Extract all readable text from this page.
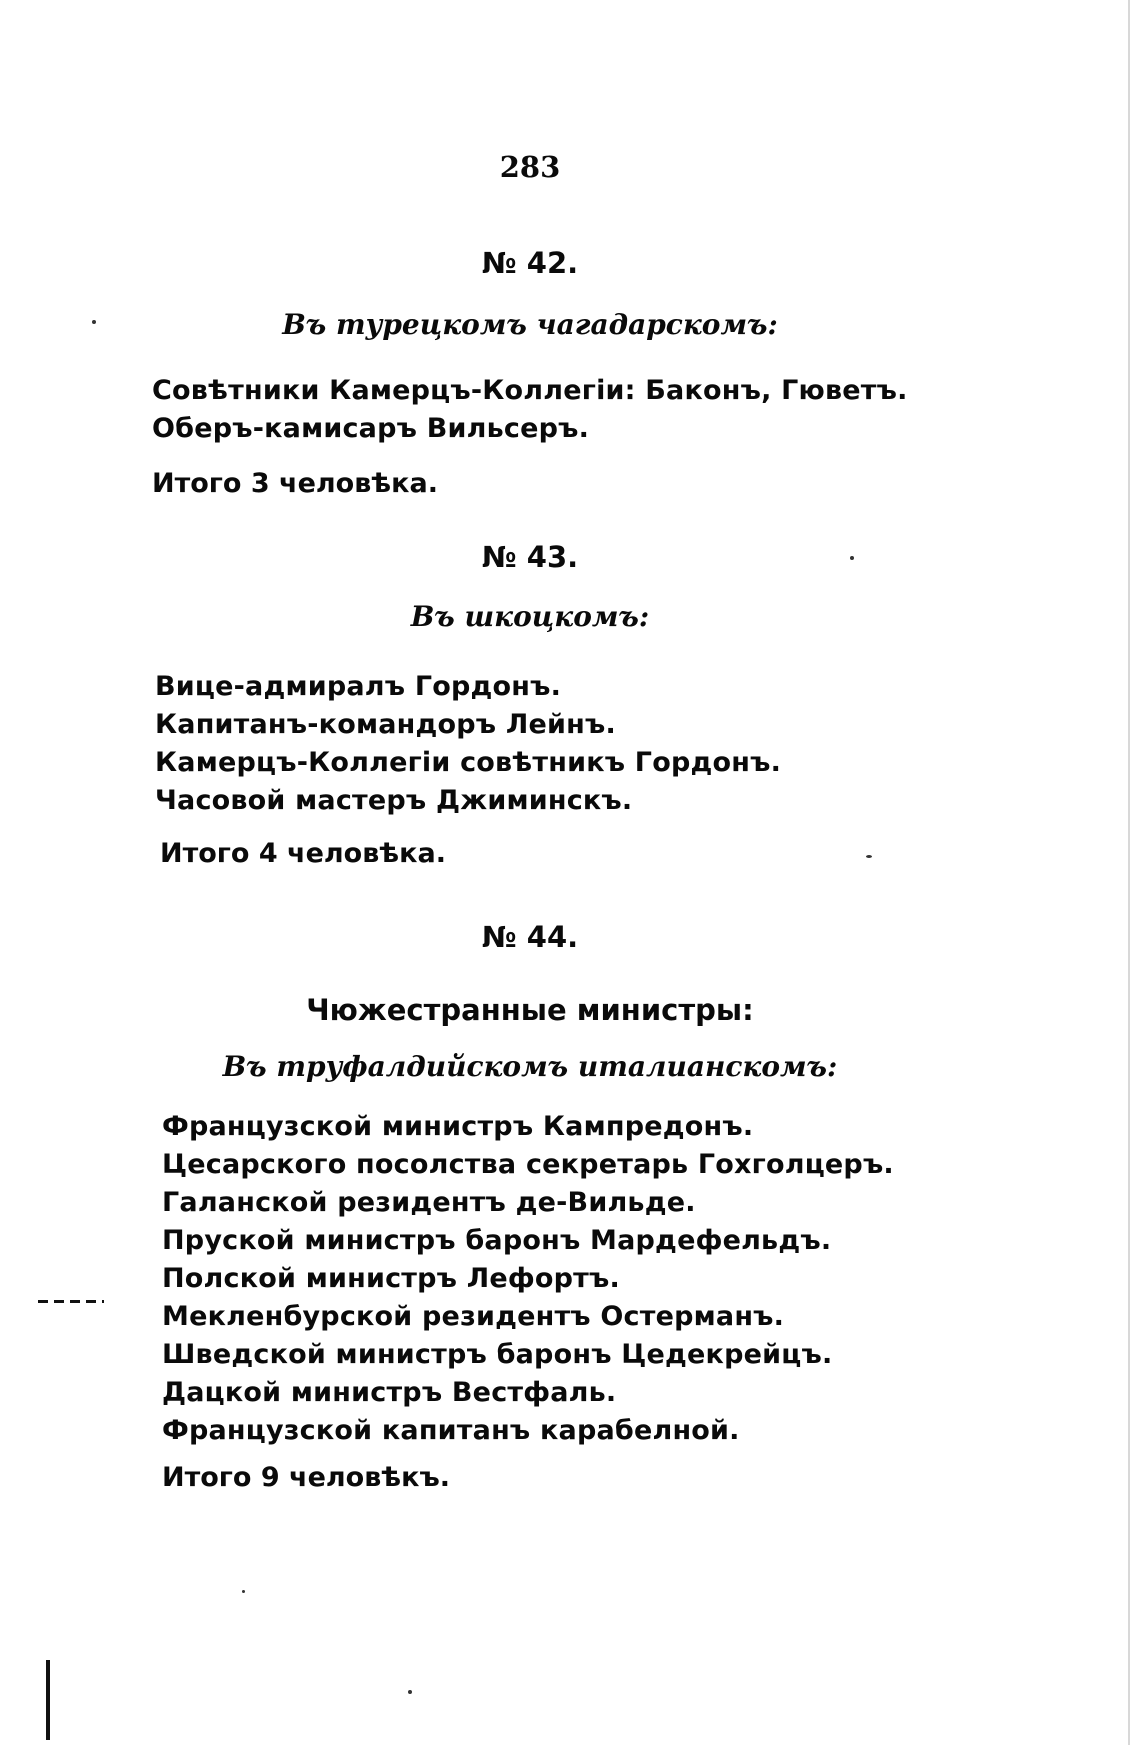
283
№ 42.
Въ турецкомъ чагадарскомъ:
Совѣтники Камерцъ-Коллегіи: Баконъ, Гюветъ.
Оберъ-камисаръ Вильсеръ.
Итого 3 человѣка.
№ 43.
Въ шкоцкомъ:
Вице-адмиралъ Гордонъ.
Капитанъ-командоръ Лейнъ.
Камерцъ-Коллегіи совѣтникъ Гордонъ.
Часовой мастеръ Джиминскъ.
Итого 4 человѣка.
№ 44.
Чюжестранные министры:
Въ труфалдийскомъ италианскомъ:
Французской министръ Кампредонъ.
Цесарского посолства секретарь Гохголцеръ.
Галанской резидентъ де-Вильде.
Пруской министръ баронъ Мардефельдъ.
Полской министръ Лефортъ.
Мекленбурской резидентъ Остерманъ.
Шведской министръ баронъ Цедекрейцъ.
Дацкой министръ Вестфаль.
Французской капитанъ карабелной.
Итого 9 человѣкъ.
